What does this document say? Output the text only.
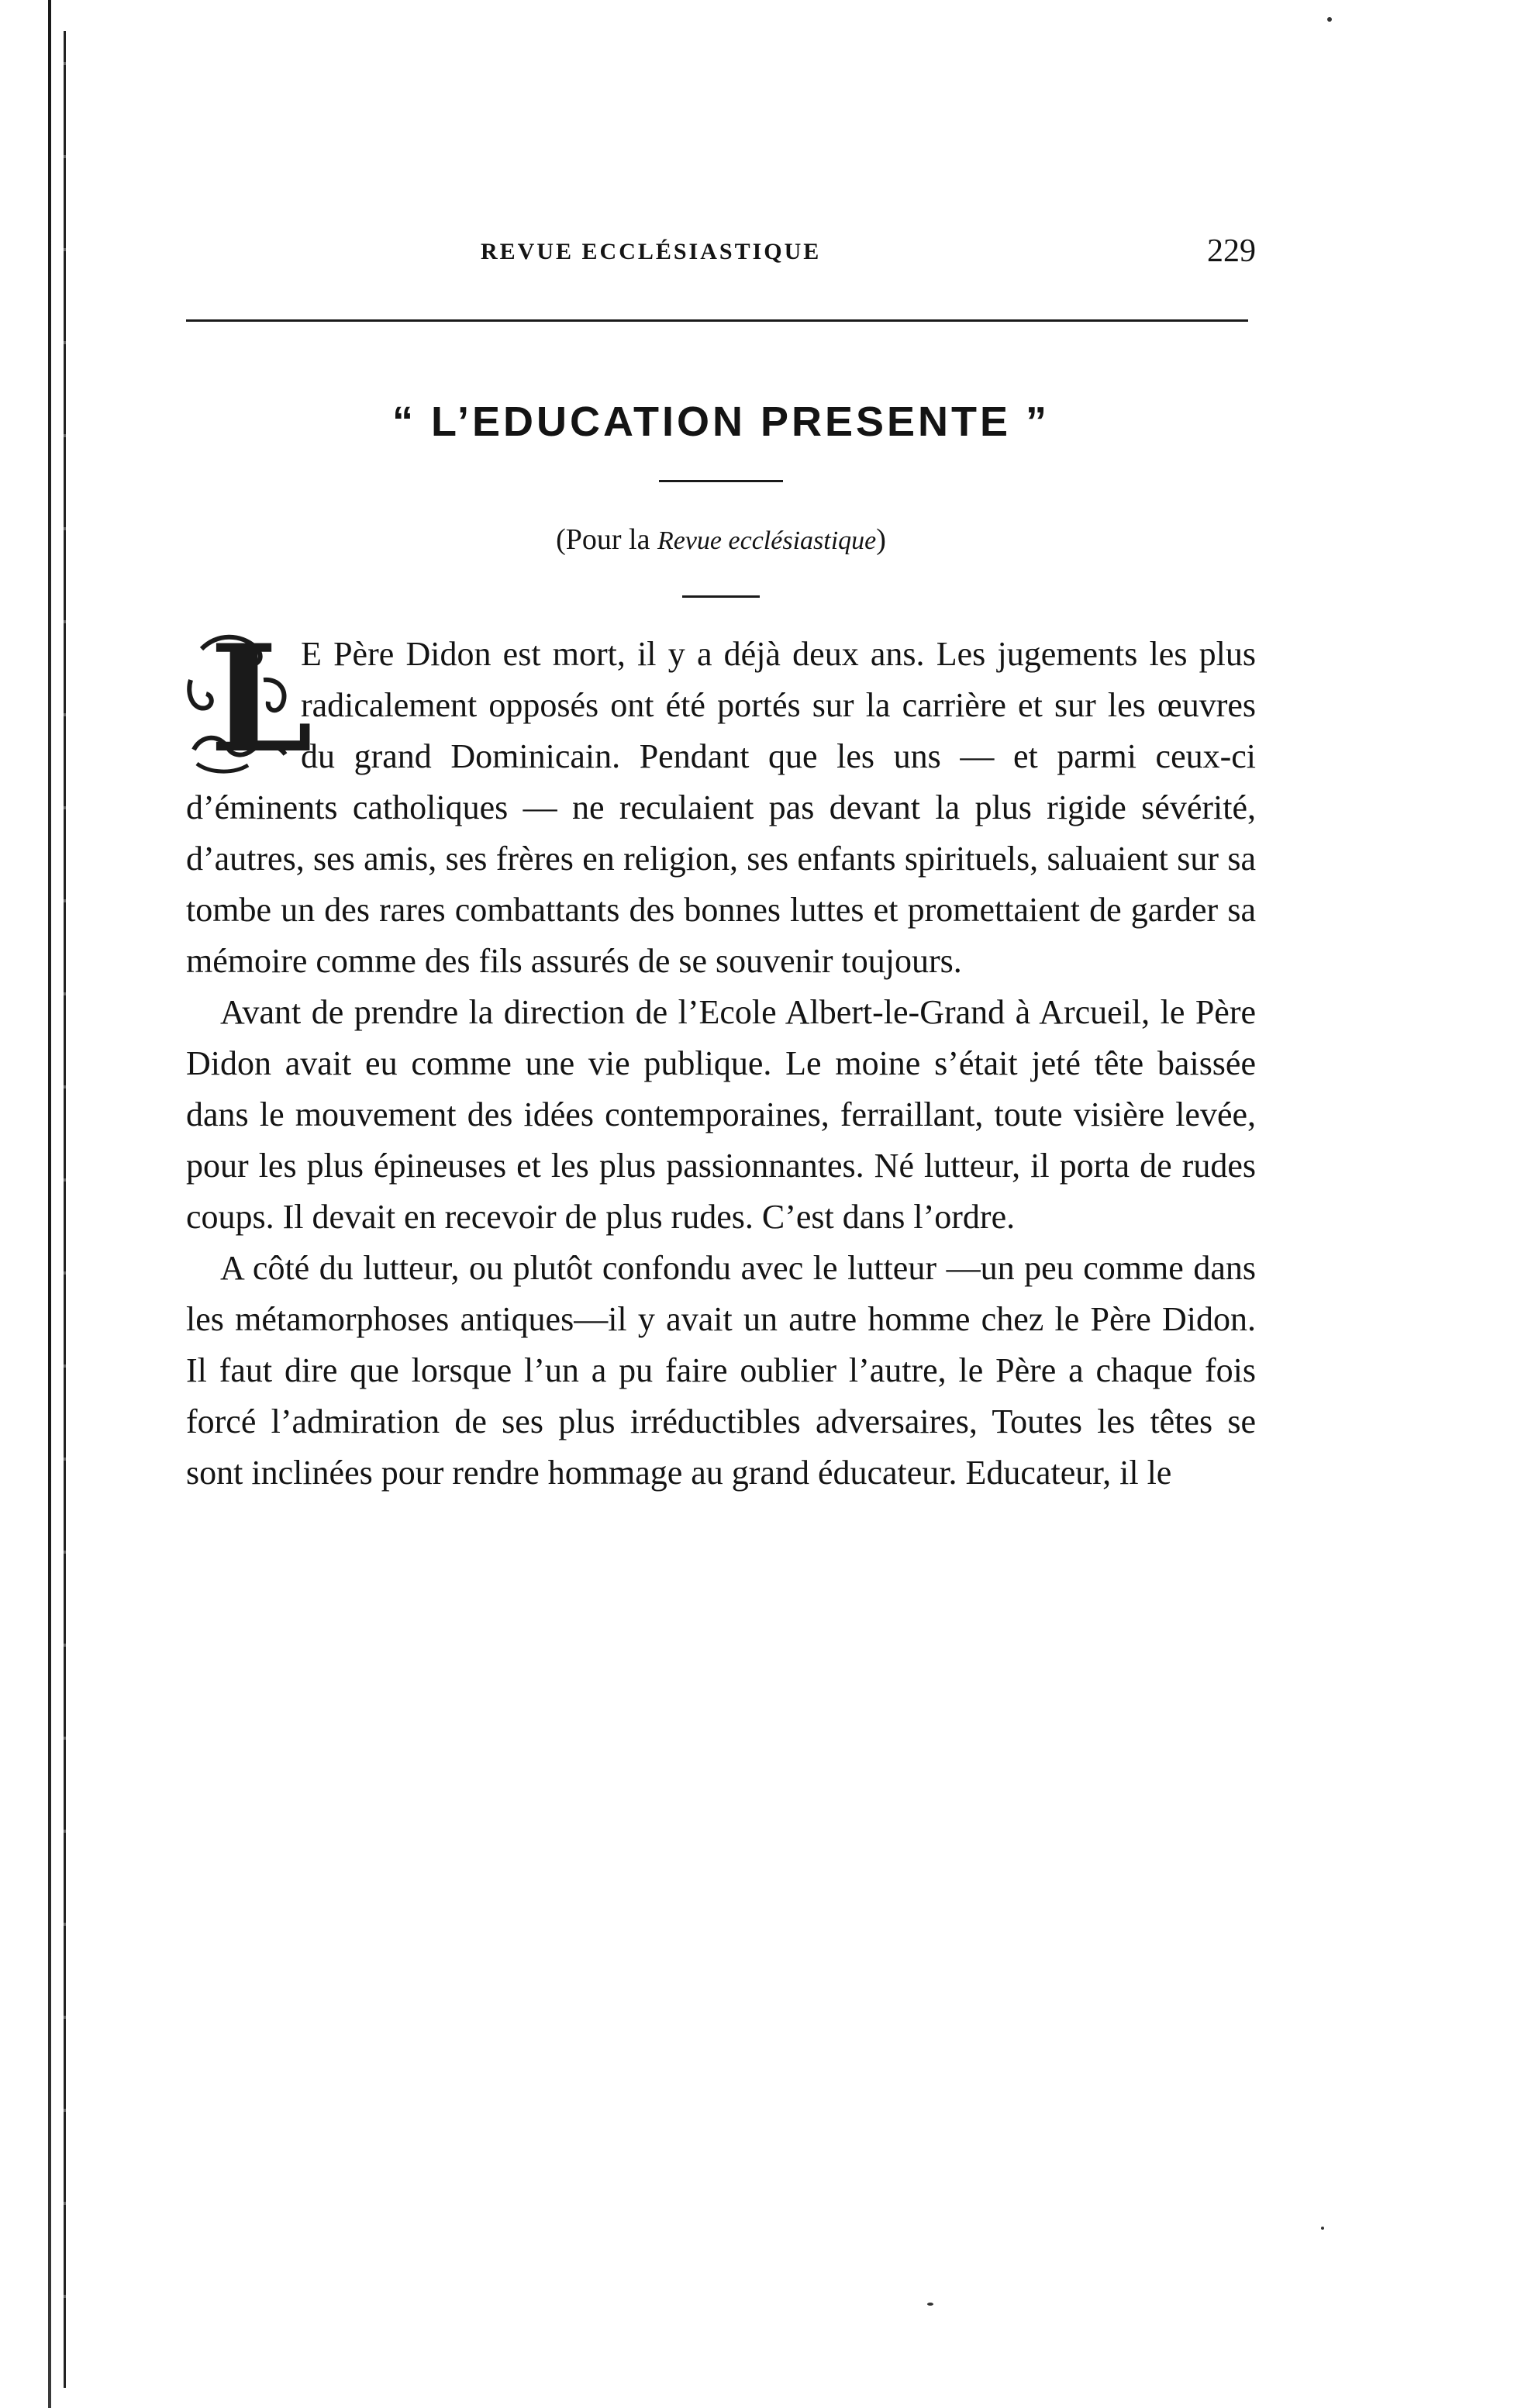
REVUE ECCLÉSIASTIQUE	229
“ L’EDUCATION PRESENTE ”
(Pour la Revue ecclésiastique)

L
E Père Didon est mort, il y a déjà deux ans. Les jugements les plus radicalement opposés ont été portés sur la carrière et sur les œuvres du grand Dominicain. Pendant que les uns — et parmi ceux-ci d’éminents catholiques — ne reculaient pas devant la plus rigide sévérité, d’autres, ses amis, ses frères en religion, ses enfants spirituels, saluaient sur sa tombe un des rares combattants des bonnes luttes et promettaient de garder sa mémoire comme des fils assurés de se souvenir toujours.

Avant de prendre la direction de l’Ecole Albert-le-Grand à Arcueil, le Père Didon avait eu comme une vie publique. Le moine s’était jeté tête baissée dans le mouvement des idées contemporaines, ferraillant, toute visière levée, pour les plus épineuses et les plus passionnantes. Né lutteur, il porta de rudes coups. Il devait en recevoir de plus rudes. C’est dans l’ordre.

A côté du lutteur, ou plutôt confondu avec le lutteur —un peu comme dans les métamorphoses antiques—il y avait un autre homme chez le Père Didon. Il faut dire que lorsque l’un a pu faire oublier l’autre, le Père a chaque fois forcé l’admiration de ses plus irréductibles adversaires, Toutes les têtes se sont inclinées pour rendre hommage au grand éducateur. Educateur, il le
